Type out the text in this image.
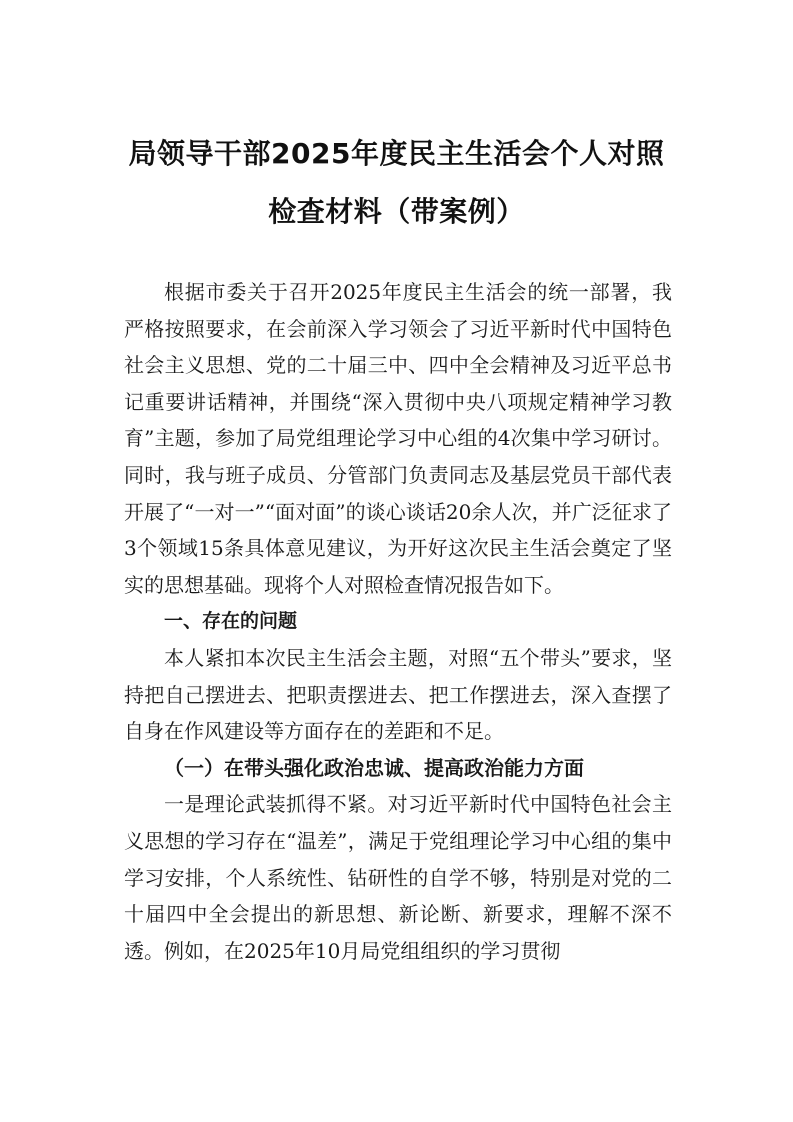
局领导干部2025年度民主生活会个人对照
检查材料（带案例）

根据市委关于召开2025年度民主生活会的统一部署，我严格按照要求，在会前深入学习领会了习近平新时代中国特色社会主义思想、党的二十届三中、四中全会精神及习近平总书记重要讲话精神，并围绕“深入贯彻中央八项规定精神学习教育”主题，参加了局党组理论学习中心组的4次集中学习研讨。同时，我与班子成员、分管部门负责同志及基层党员干部代表开展了“一对一”“面对面”的谈心谈话20余人次，并广泛征求了3个领域15条具体意见建议，为开好这次民主生活会奠定了坚实的思想基础。现将个人对照检查情况报告如下。

一、存在的问题

本人紧扣本次民主生活会主题，对照“五个带头”要求，坚持把自己摆进去、把职责摆进去、把工作摆进去，深入查摆了自身在作风建设等方面存在的差距和不足。

（一）在带头强化政治忠诚、提高政治能力方面

一是理论武装抓得不紧。对习近平新时代中国特色社会主义思想的学习存在“温差”，满足于党组理论学习中心组的集中学习安排，个人系统性、钻研性的自学不够，特别是对党的二十届四中全会提出的新思想、新论断、新要求，理解不深不透。例如，在2025年10月局党组组织的学习贯彻
